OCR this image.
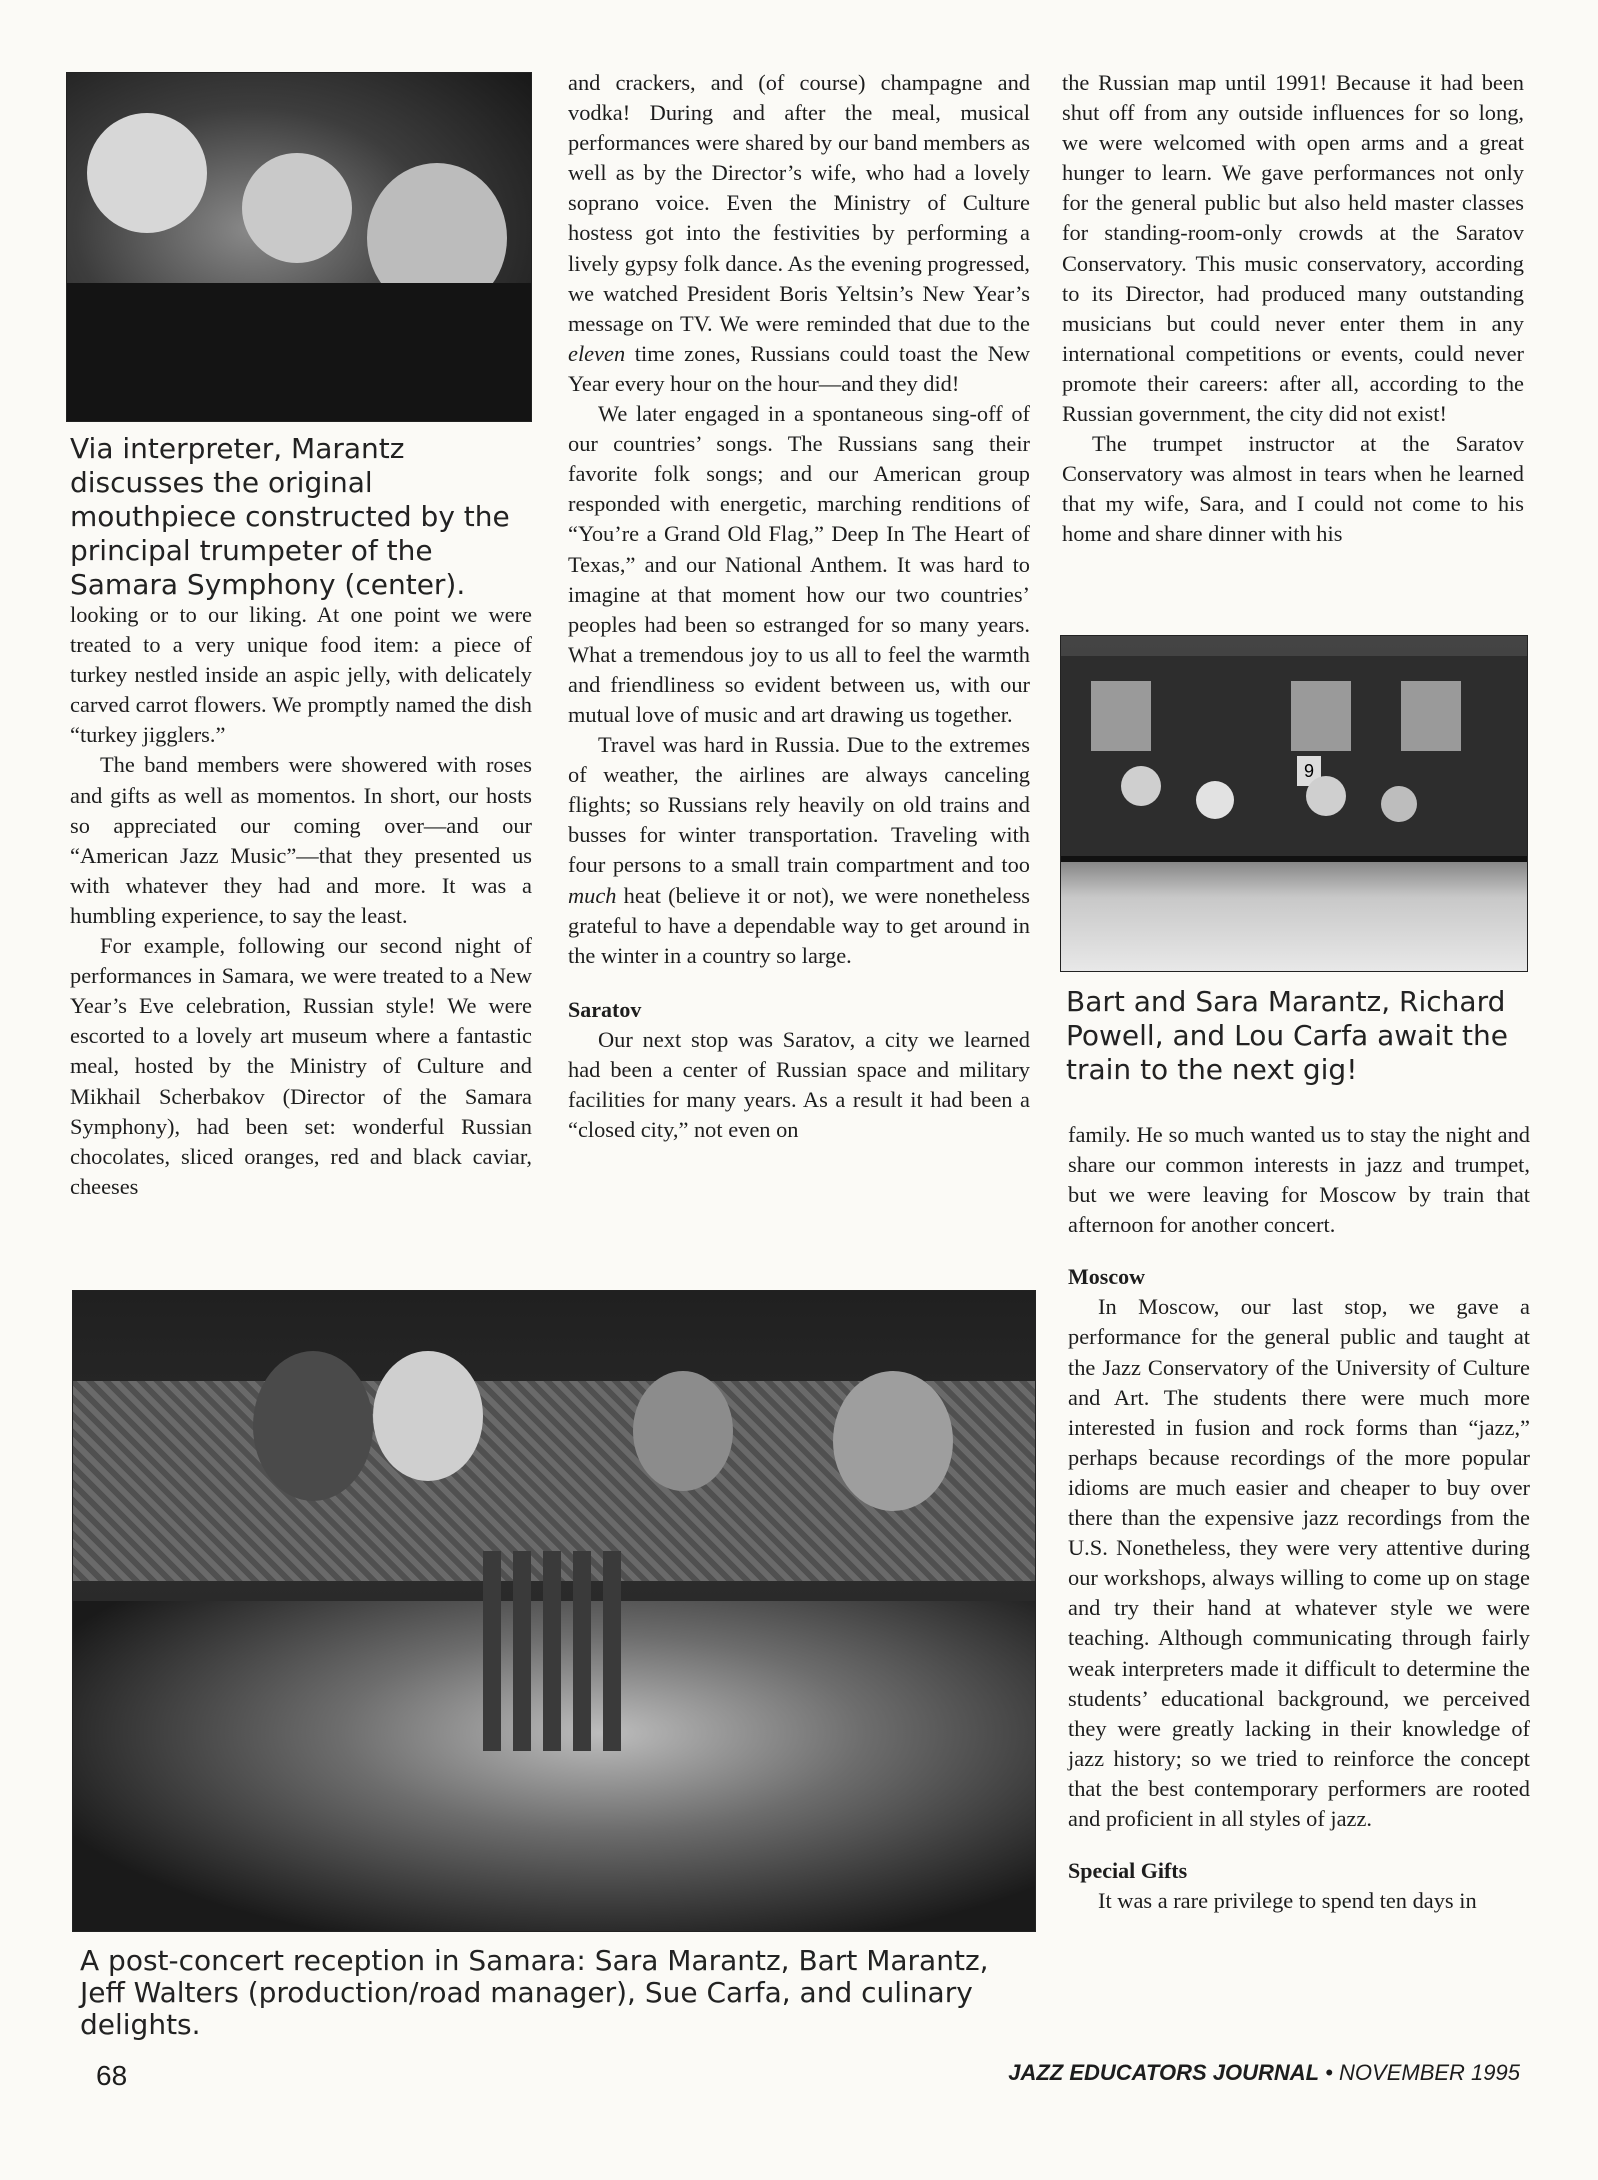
Via interpreter, Marantz discusses the original mouthpiece constructed by the principal trumpeter of the Samara Symphony (center).
9
Bart and Sara Marantz, Richard Powell, and Lou Carfa await the train to the next gig!
A post-concert reception in Samara: Sara Marantz, Bart Marantz, Jeff Walters (production/road manager), Sue Carfa, and culinary delights.

looking or to our liking. At one point we were treated to a very unique food item: a piece of turkey nestled inside an aspic jelly, with delicately carved carrot flowers. We promptly named the dish “turkey jigglers.”

The band members were showered with roses and gifts as well as momentos. In short, our hosts so appreciated our coming over—and our “American Jazz Music”—that they presented us with whatever they had and more. It was a humbling experience, to say the least.

For example, following our second night of performances in Samara, we were treated to a New Year’s Eve celebration, Russian style! We were escorted to a lovely art museum where a fantastic meal, hosted by the Ministry of Culture and Mikhail Scherbakov (Director of the Samara Symphony), had been set: wonderful Russian chocolates, sliced oranges, red and black caviar, cheeses

and crackers, and (of course) champagne and vodka! During and after the meal, musical performances were shared by our band members as well as by the Director’s wife, who had a lovely soprano voice. Even the Ministry of Culture hostess got into the festivities by performing a lively gypsy folk dance. As the evening progressed, we watched President Boris Yeltsin’s New Year’s message on TV. We were reminded that due to the eleven time zones, Russians could toast the New Year every hour on the hour—and they did!

We later engaged in a spontaneous sing-off of our countries’ songs. The Russians sang their favorite folk songs; and our American group responded with energetic, marching renditions of “You’re a Grand Old Flag,” Deep In The Heart of Texas,” and our National Anthem. It was hard to imagine at that moment how our two countries’ peoples had been so estranged for so many years. What a tremendous joy to us all to feel the warmth and friendliness so evident between us, with our mutual love of music and art drawing us together.

Travel was hard in Russia. Due to the extremes of weather, the airlines are always canceling flights; so Russians rely heavily on old trains and busses for winter transportation. Traveling with four persons to a small train compartment and too much heat (believe it or not), we were nonetheless grateful to have a dependable way to get around in the winter in a country so large.

Saratov

Our next stop was Saratov, a city we learned had been a center of Russian space and military facilities for many years. As a result it had been a “closed city,” not even on

the Russian map until 1991! Because it had been shut off from any outside influences for so long, we were welcomed with open arms and a great hunger to learn. We gave performances not only for the general public but also held master classes for standing-room-only crowds at the Saratov Conservatory. This music conservatory, according to its Director, had produced many outstanding musicians but could never enter them in any international competitions or events, could never promote their careers: after all, according to the Russian government, the city did not exist!

The trumpet instructor at the Saratov Conservatory was almost in tears when he learned that my wife, Sara, and I could not come to his home and share dinner with his

family. He so much wanted us to stay the night and share our common interests in jazz and trumpet, but we were leaving for Moscow by train that afternoon for another concert.

Moscow

In Moscow, our last stop, we gave a performance for the general public and taught at the Jazz Conservatory of the University of Culture and Art. The students there were much more interested in fusion and rock forms than “jazz,” perhaps because recordings of the more popular idioms are much easier and cheaper to buy over there than the expensive jazz recordings from the U.S. Nonetheless, they were very attentive during our workshops, always willing to come up on stage and try their hand at whatever style we were teaching. Although communicating through fairly weak interpreters made it difficult to determine the students’ educational background, we perceived they were greatly lacking in their knowledge of jazz history; so we tried to reinforce the concept that the best contemporary performers are rooted and proficient in all styles of jazz.

Special Gifts

It was a rare privilege to spend ten days in

68	JAZZ EDUCATORS JOURNAL • NOVEMBER 1995
